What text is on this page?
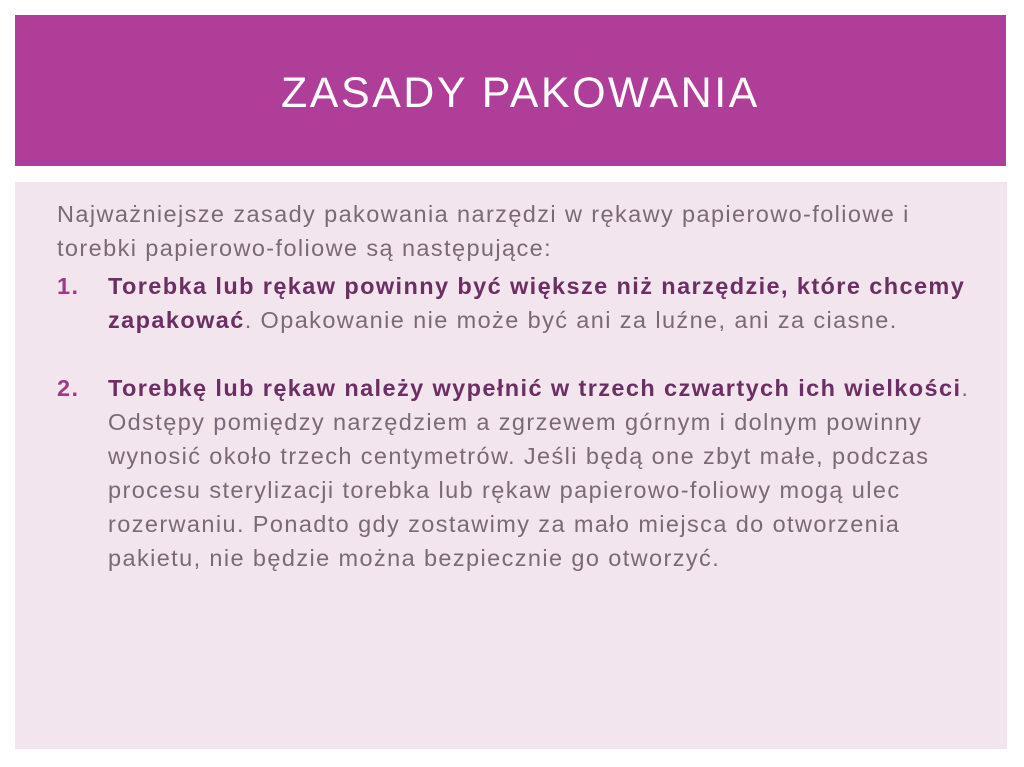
ZASADY PAKOWANIA

Najważniejsze zasady pakowania narzędzi w rękawy papierowo-foliowe i torebki papierowo-foliowe są następujące:

1. Torebka lub rękaw powinny być większe niż narzędzie, które chcemy zapakować. Opakowanie nie może być ani za luźne, ani za ciasne.
2. Torebkę lub rękaw należy wypełnić w trzech czwartych ich wielkości. Odstępy pomiędzy narzędziem a zgrzewem górnym i dolnym powinny wynosić około trzech centymetrów. Jeśli będą one zbyt małe, podczas procesu sterylizacji torebka lub rękaw papierowo-foliowy mogą ulec rozerwaniu. Ponadto gdy zostawimy za mało miejsca do otworzenia pakietu, nie będzie można bezpiecznie go otworzyć.
